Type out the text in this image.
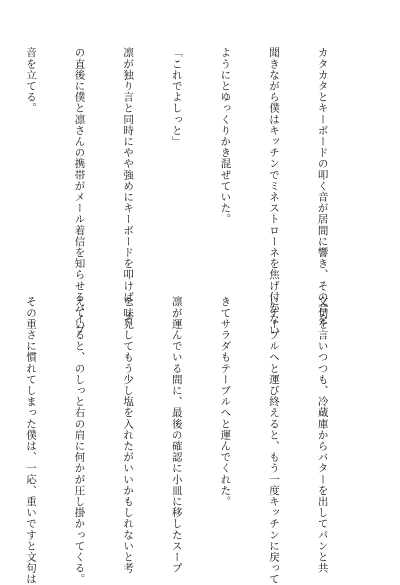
カタカタとキーボードの叩く音が居間に響き、その音を

聞きながら僕はキッチンでミネストローネを焦げ付かない

ようにとゆっくりかき混ぜていた。

「これでよしっと」

凛が独り言と同時にやや強めにキーボードを叩けば、そ

の直後に僕と凛さんの携帯がメール着信を知らせるバイブ

音を立てる。

文句を言いつつも、冷蔵庫からバターを出してパンと共

にテーブルへと運び終えると、もう一度キッチンに戻って

きてサラダもテーブルへと運んでくれた。

凛が運んでいる間に、最後の確認に小皿に移したスープ

を味見してもう少し塩を入れたがいいかもしれないと考

えていると、のしっと右の肩に何かが圧し掛かってくる。

その重さに慣れてしまった僕は、一応、重いですと文句は
